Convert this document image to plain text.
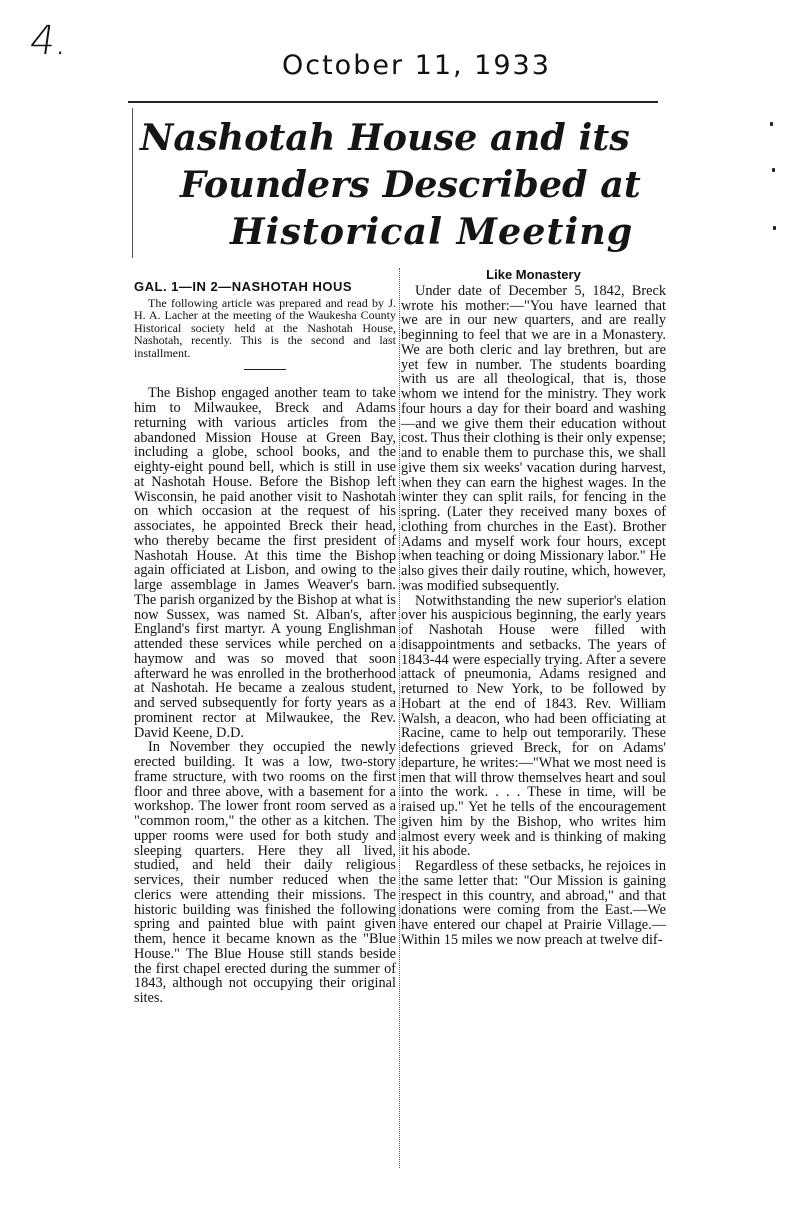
4.
October 11, 1933
Nashotah House and its
Founders Described at
Historical Meeting
GAL. 1—IN 2—NASHOTAH HOUS

The following article was prepared and read by J. H. A. Lacher at the meeting of the Waukesha County Historical society held at the Nashotah House, Nashotah, recently. This is the second and last installment.

The Bishop engaged another team to take him to Milwaukee, Breck and Adams returning with various articles from the abandoned Mission House at Green Bay, including a globe, school books, and the eighty-eight pound bell, which is still in use at Nashotah House. Before the Bishop left Wisconsin, he paid another visit to Nashotah on which occasion at the request of his associates, he appointed Breck their head, who thereby became the first president of Nashotah House. At this time the Bishop again officiated at Lisbon, and owing to the large assemblage in James Weaver's barn. The parish organized by the Bishop at what is now Sussex, was named St. Alban's, after England's first martyr. A young Englishman attended these services while perched on a haymow and was so moved that soon afterward he was enrolled in the brotherhood at Nashotah. He became a zealous student, and served subsequently for forty years as a prominent rector at Milwaukee, the Rev. David Keene, D.D.

In November they occupied the newly erected building. It was a low, two-story frame structure, with two rooms on the first floor and three above, with a basement for a workshop. The lower front room served as a "common room," the other as a kitchen. The upper rooms were used for both study and sleeping quarters. Here they all lived, studied, and held their daily religious services, their number reduced when the clerics were attending their missions. The historic building was finished the following spring and painted blue with paint given them, hence it became known as the "Blue House." The Blue House still stands beside the first chapel erected during the summer of 1843, although not occupying their original sites.

Like Monastery

Under date of December 5, 1842, Breck wrote his mother:—"You have learned that we are in our new quarters, and are really beginning to feel that we are in a Monastery. We are both cleric and lay brethren, but are yet few in number. The students boarding with us are all theological, that is, those whom we intend for the ministry. They work four hours a day for their board and washing—and we give them their education without cost. Thus their clothing is their only expense; and to enable them to purchase this, we shall give them six weeks' vacation during harvest, when they can earn the highest wages. In the winter they can split rails, for fencing in the spring. (Later they received many boxes of clothing from churches in the East). Brother Adams and myself work four hours, except when teaching or doing Missionary labor." He also gives their daily routine, which, however, was modified subsequently.

Notwithstanding the new superior's elation over his auspicious beginning, the early years of Nashotah House were filled with disappointments and setbacks. The years of 1843-44 were especially trying. After a severe attack of pneumonia, Adams resigned and returned to New York, to be followed by Hobart at the end of 1843. Rev. William Walsh, a deacon, who had been officiating at Racine, came to help out temporarily. These defections grieved Breck, for on Adams' departure, he writes:—"What we most need is men that will throw themselves heart and soul into the work. . . . These in time, will be raised up." Yet he tells of the encouragement given him by the Bishop, who writes him almost every week and is thinking of making it his abode.

Regardless of these setbacks, he rejoices in the same letter that: "Our Mission is gaining respect in this country, and abroad," and that donations were coming from the East.—We have entered our chapel at Prairie Village.—Within 15 miles we now preach at twelve dif-
